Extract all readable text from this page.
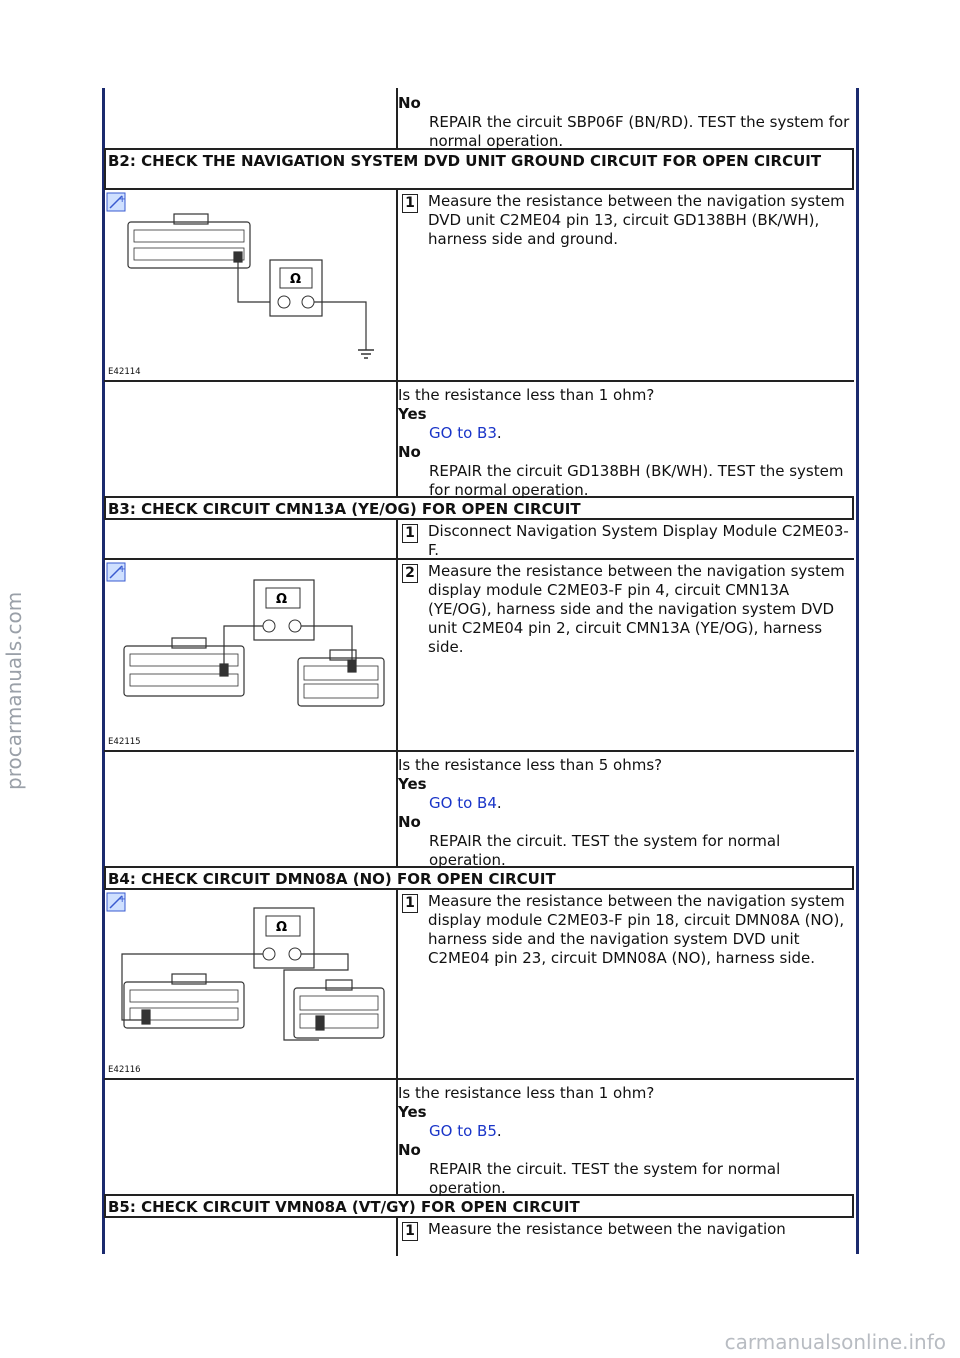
procarmanuals.com
carmanualsonline.info
No
REPAIR the circuit SBP06F (BN/RD). TEST the system for normal operation.
B2: CHECK THE NAVIGATION SYSTEM DVD UNIT GROUND CIRCUIT FOR OPEN CIRCUIT
+
Ω
E42114
1 Measure the resistance between the navigation system DVD unit C2ME04 pin 13, circuit GD138BH (BK/WH), harness side and ground.
Is the resistance less than 1 ohm?
Yes
GO to B3.
No
REPAIR the circuit GD138BH (BK/WH). TEST the system for normal operation.
B3: CHECK CIRCUIT CMN13A (YE/OG) FOR OPEN CIRCUIT
1 Disconnect Navigation System Display Module C2ME03-F.
+
Ω
E42115
2 Measure the resistance between the navigation system display module C2ME03-F pin 4, circuit CMN13A (YE/OG), harness side and the navigation system DVD unit C2ME04 pin 2, circuit CMN13A (YE/OG), harness side.
Is the resistance less than 5 ohms?
Yes
GO to B4.
No
REPAIR the circuit. TEST the system for normal operation.
B4: CHECK CIRCUIT DMN08A (NO) FOR OPEN CIRCUIT
+
Ω
E42116
1 Measure the resistance between the navigation system display module C2ME03-F pin 18, circuit DMN08A (NO), harness side and the navigation system DVD unit C2ME04 pin 23, circuit DMN08A (NO), harness side.
Is the resistance less than 1 ohm?
Yes
GO to B5.
No
REPAIR the circuit. TEST the system for normal operation.
B5: CHECK CIRCUIT VMN08A (VT/GY) FOR OPEN CIRCUIT
1 Measure the resistance between the navigation
